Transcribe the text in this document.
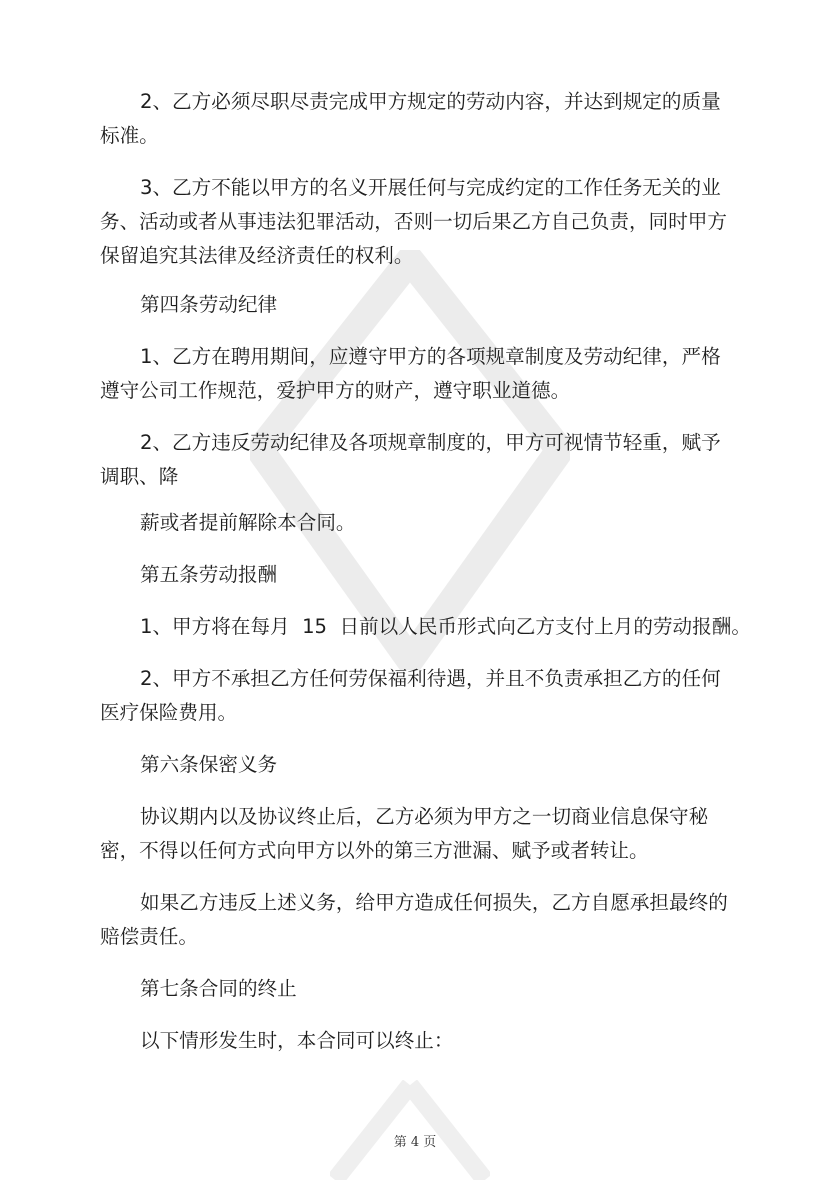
2、乙方必须尽职尽责完成甲方规定的劳动内容，并达到规定的质量
标准。
3、乙方不能以甲方的名义开展任何与完成约定的工作任务无关的业
务、活动或者从事违法犯罪活动，否则一切后果乙方自己负责，同时甲方
保留追究其法律及经济责任的权利。
第四条劳动纪律
1、乙方在聘用期间，应遵守甲方的各项规章制度及劳动纪律，严格
遵守公司工作规范，爱护甲方的财产，遵守职业道德。
2、乙方违反劳动纪律及各项规章制度的，甲方可视情节轻重，赋予
调职、降
薪或者提前解除本合同。
第五条劳动报酬
1、甲方将在每月  15  日前以人民币形式向乙方支付上月的劳动报酬。
2、甲方不承担乙方任何劳保福利待遇，并且不负责承担乙方的任何
医疗保险费用。
第六条保密义务
协议期内以及协议终止后，乙方必须为甲方之一切商业信息保守秘
密，不得以任何方式向甲方以外的第三方泄漏、赋予或者转让。
如果乙方违反上述义务，给甲方造成任何损失，乙方自愿承担最终的
赔偿责任。
第七条合同的终止
以下情形发生时，本合同可以终止：
第 4 页
